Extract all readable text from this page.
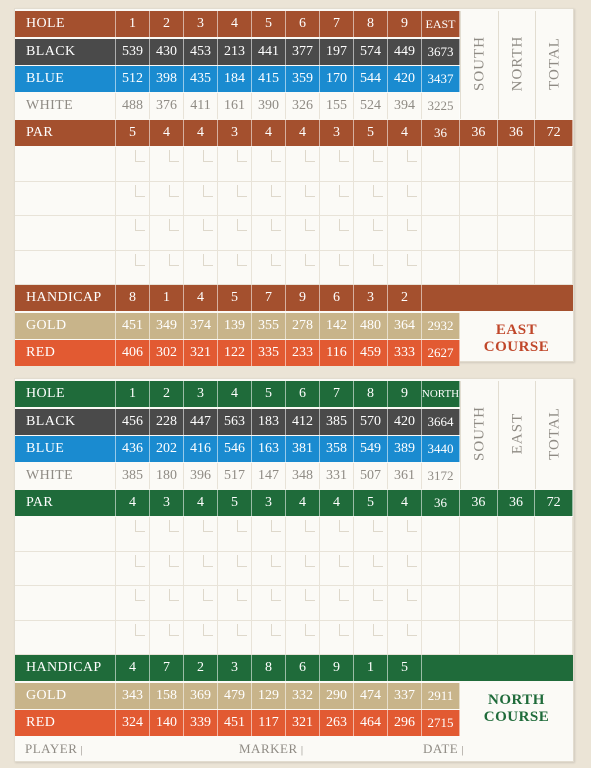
HOLE	1	2	3	4	5	6	7	8	9	EAST
BLACK	539 430 453 213 441 377 197 574 449 3673
BLUE	512 398 435 184 415 359 170 544 420 3437
WHITE	488 376 411 161 390 326 155 524 394 3225
PAR	5	4	4	3	4	4	3	5	4	36	36	36	72
SOUTH NORTH TOTAL
HANDICAP	8	1	4	5	7	9	6	3	2
GOLD	451 349 374 139 355 278 142 480 364 2932
RED	406 302 321 122 335 233 116 459 333 2627
EAST
COURSE
HOLE	1	2	3	4	5	6	7	8	9	NORTH
BLACK	456 228 447 563 183 412 385 570 420 3664
BLUE	436 202 416 546 163 381 358 549 389 3440
WHITE	385 180 396 517 147 348 331 507 361 3172
PAR	4	3	4	5	3	4	4	5	4	36	36	36	72
SOUTH EAST TOTAL
HANDICAP	4	7	2	3	8	6	9	1	5
GOLD	343 158 369 479 129 332 290 474 337 2911
RED	324 140 339 451 117 321 263 464 296 2715
NORTH
COURSE
PLAYER |	MARKER |	DATE |
